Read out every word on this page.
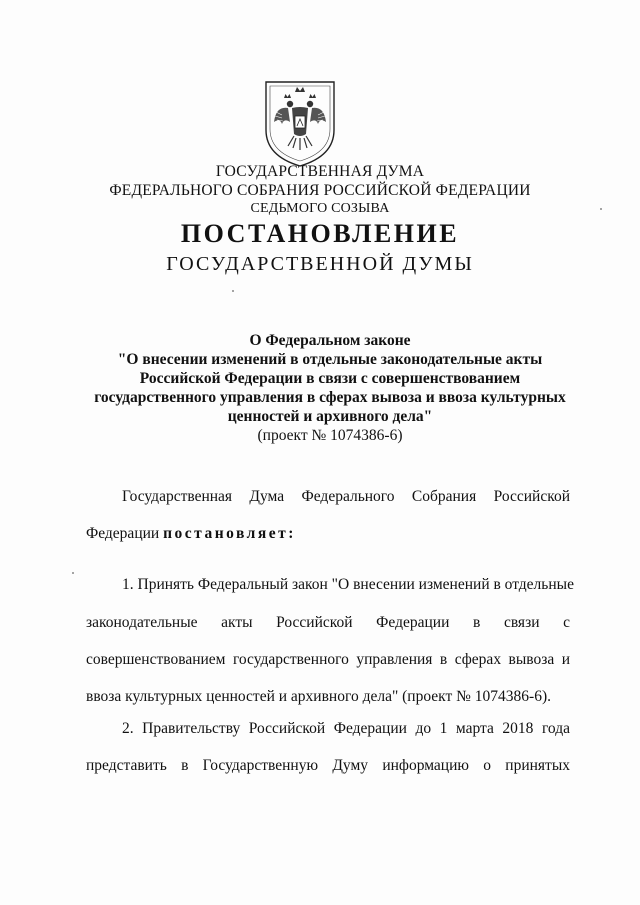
ГОСУДАРСТВЕННАЯ ДУМА
ФЕДЕРАЛЬНОГО СОБРАНИЯ РОССИЙСКОЙ ФЕДЕРАЦИИ
СЕДЬМОГО СОЗЫВА
ПОСТАНОВЛЕНИЕ
ГОСУДАРСТВЕННОЙ ДУМЫ
О Федеральном законе
"О внесении изменений в отдельные законодательные акты
Российской Федерации в связи с совершенствованием
государственного управления в сферах вывоза и ввоза культурных
ценностей и архивного дела"
(проект № 1074386-6)
Государственная Дума Федерального Собрания Российской
Федерации постановляет:
1. Принять Федеральный закон "О внесении изменений в отдельные
законодательные акты Российской Федерации в связи с
совершенствованием государственного управления в сферах вывоза и
ввоза культурных ценностей и архивного дела" (проект № 1074386-6).
2. Правительству Российской Федерации до 1 марта 2018 года
представить в Государственную Думу информацию о принятых
